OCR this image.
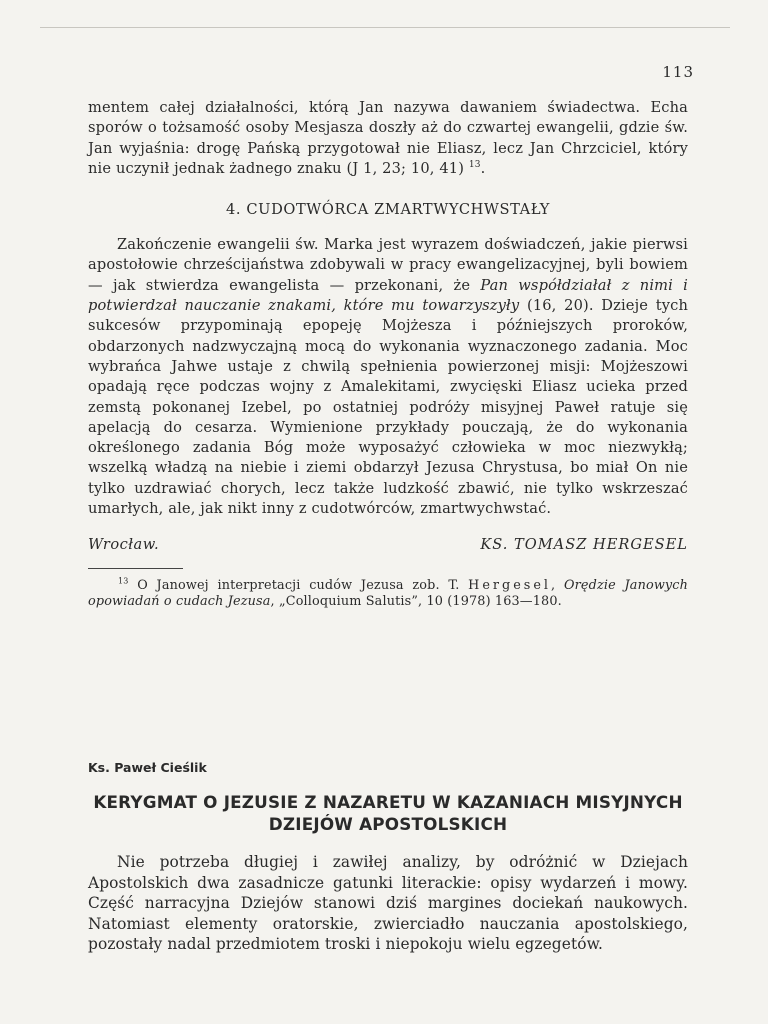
113

mentem całej działalności, którą Jan nazywa dawaniem świadectwa. Echa sporów o tożsamość osoby Mesjasza doszły aż do czwartej ewangelii, gdzie św. Jan wyjaśnia: drogę Pańską przygotował nie Eliasz, lecz Jan Chrzciciel, który nie uczynił jednak żadnego znaku (J 1, 23; 10, 41) $^{13}$.

4. CUDOTWÓRCA ZMARTWYCHWSTAŁY

Zakończenie ewangelii św. Marka jest wyrazem doświadczeń, jakie pierwsi apostołowie chrześcijaństwa zdobywali w pracy ewangelizacyjnej, byli bowiem — jak stwierdza ewangelista — przekonani, że Pan współdziałał z nimi i potwierdzał nauczanie znakami, które mu towarzyszyły (16, 20). Dzieje tych sukcesów przypominają epopeję Mojżesza i późniejszych proroków, obdarzonych nadzwyczajną mocą do wykonania wyznaczonego zadania. Moc wybrańca Jahwe ustaje z chwilą spełnienia powierzonej misji: Mojżeszowi opadają ręce podczas wojny z Amalekitami, zwycięski Eliasz ucieka przed zemstą pokonanej Izebel, po ostatniej podróży misyjnej Paweł ratuje się apelacją do cesarza. Wymienione przykłady pouczają, że do wykonania określonego zadania Bóg może wyposażyć człowieka w moc niezwykłą; wszelką władzą na niebie i ziemi obdarzył Jezusa Chrystusa, bo miał On nie tylko uzdrawiać chorych, lecz także ludzkość zbawić, nie tylko wskrzeszać umarłych, ale, jak nikt inny z cudotwórców, zmartwychwstać.

Wrocław.	KS. TOMASZ HERGESEL

$^{13}$ O Janowej interpretacji cudów Jezusa zob. T. Hergesel, Orędzie Janowych opowiadań o cudach Jezusa, „Colloquium Salutis”, 10 (1978) 163—180.

Ks. Paweł Cieślik
KERYGMAT O JEZUSIE Z NAZARETU W KAZANIACH MISYJNYCH
DZIEJÓW APOSTOLSKICH

Nie potrzeba długiej i zawiłej analizy, by odróżnić w Dziejach Apostolskich dwa zasadnicze gatunki literackie: opisy wydarzeń i mowy. Część narracyjna Dziejów stanowi dziś margines dociekań naukowych. Natomiast elementy oratorskie, zwierciadło nauczania apostolskiego, pozostały nadal przedmiotem troski i niepokoju wielu egzegetów.
